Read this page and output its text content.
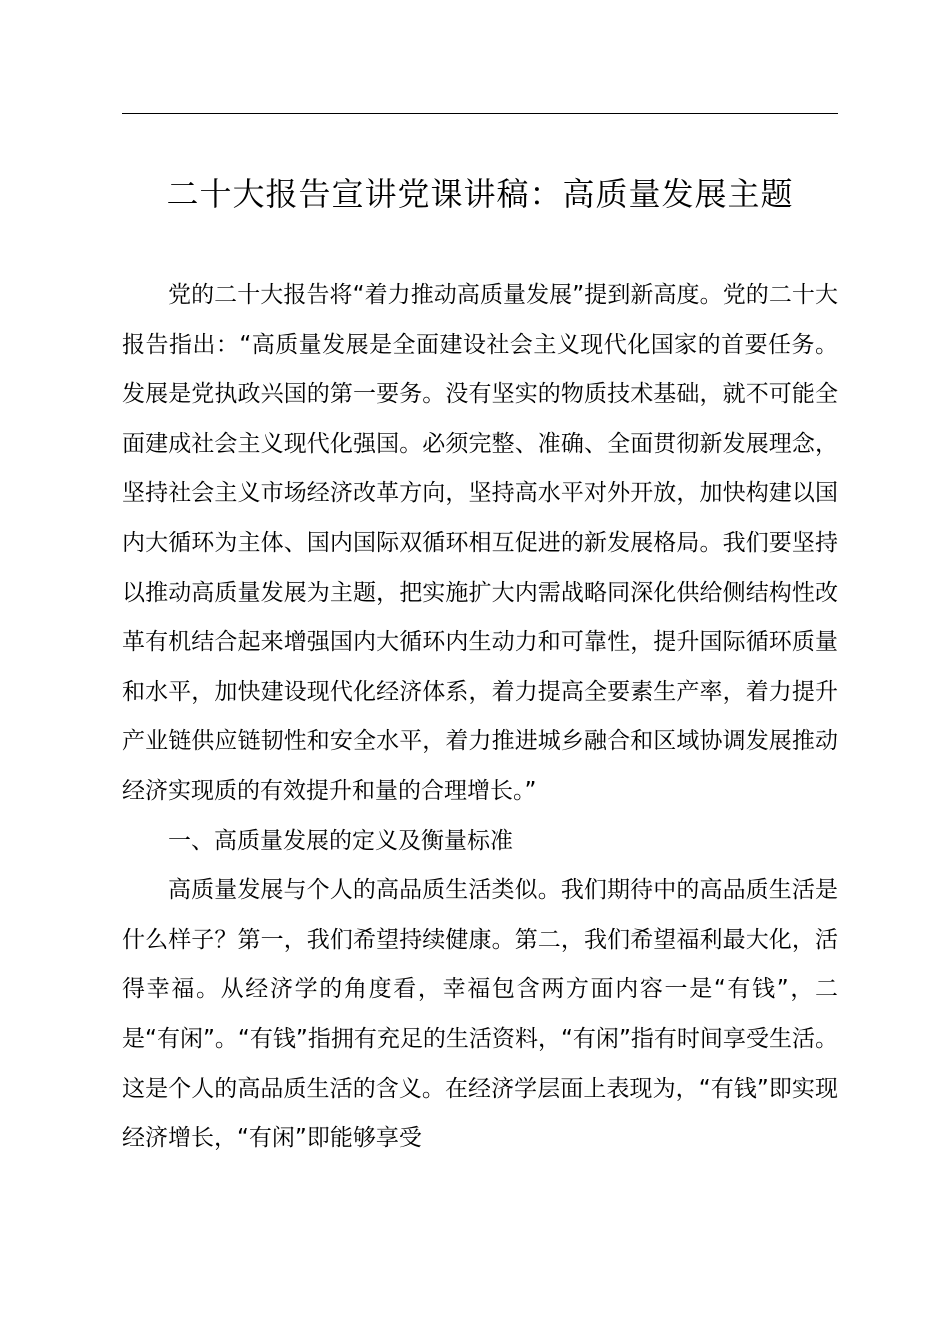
二十大报告宣讲党课讲稿：高质量发展主题

党的二十大报告将“着力推动高质量发展”提到新高度。党的二十大报告指出：“高质量发展是全面建设社会主义现代化国家的首要任务。发展是党执政兴国的第一要务。没有坚实的物质技术基础，就不可能全面建成社会主义现代化强国。必须完整、准确、全面贯彻新发展理念，坚持社会主义市场经济改革方向，坚持高水平对外开放，加快构建以国内大循环为主体、国内国际双循环相互促进的新发展格局。我们要坚持以推动高质量发展为主题，把实施扩大内需战略同深化供给侧结构性改革有机结合起来增强国内大循环内生动力和可靠性，提升国际循环质量和水平，加快建设现代化经济体系，着力提高全要素生产率，着力提升产业链供应链韧性和安全水平，着力推进城乡融合和区域协调发展推动经济实现质的有效提升和量的合理增长。”

一、高质量发展的定义及衡量标准

高质量发展与个人的高品质生活类似。我们期待中的高品质生活是什么样子？第一，我们希望持续健康。第二，我们希望福利最大化，活得幸福。从经济学的角度看，幸福包含两方面内容一是“有钱”，二是“有闲”。“有钱”指拥有充足的生活资料，“有闲”指有时间享受生活。这是个人的高品质生活的含义。在经济学层面上表现为，“有钱”即实现经济增长，“有闲”即能够享受
